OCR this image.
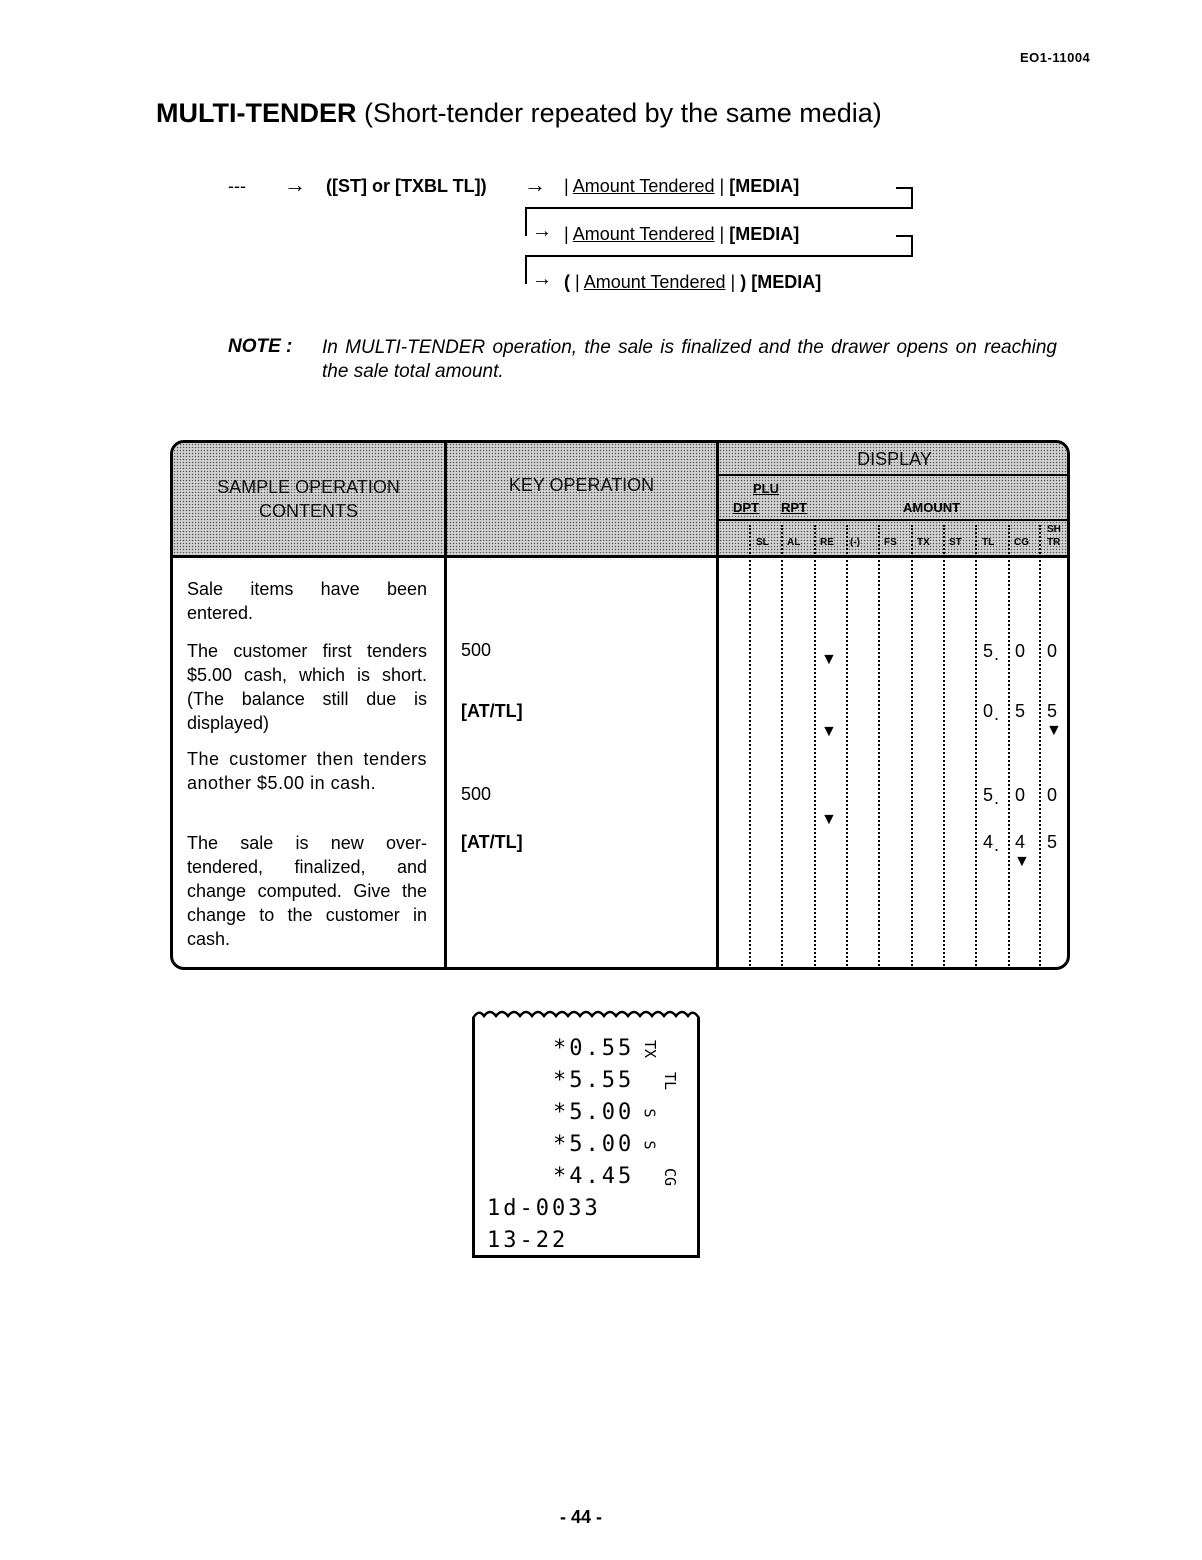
EO1-11004
MULTI-TENDER (Short-tender repeated by the same media)
--- → ([ST] or [TXBL TL]) → | Amount Tendered | [MEDIA]
→ | Amount Tendered | [MEDIA]
→ ( | Amount Tendered | ) [MEDIA]
NOTE : In MULTI-TENDER operation, the sale is finalized and the drawer opens on reaching the sale total amount.
SAMPLE OPERATION
CONTENTS
KEY OPERATION
DISPLAY
PLU
DPT RPT	AMOUNT
SL AL RE (-) FS TX ST TL CG
SH
TR
Sale items have been entered.
The customer first tenders $5.00 cash, which is short. (The balance still due is displayed)
The customer then tenders another $5.00 in cash.
The sale is new over-tendered, finalized, and change computed. Give the change to the customer in cash.
500
[AT/TL]
500
[AT/TL]
▼	5 . 0 0
▼
0 . 5 5
▼
▼
5 . 0 0
4 . 4 5
▼
*0.55 TX
*5.55 TL
*5.00 S
*5.00 S
*4.45 CG
1d-0033
13-22
- 44 -
